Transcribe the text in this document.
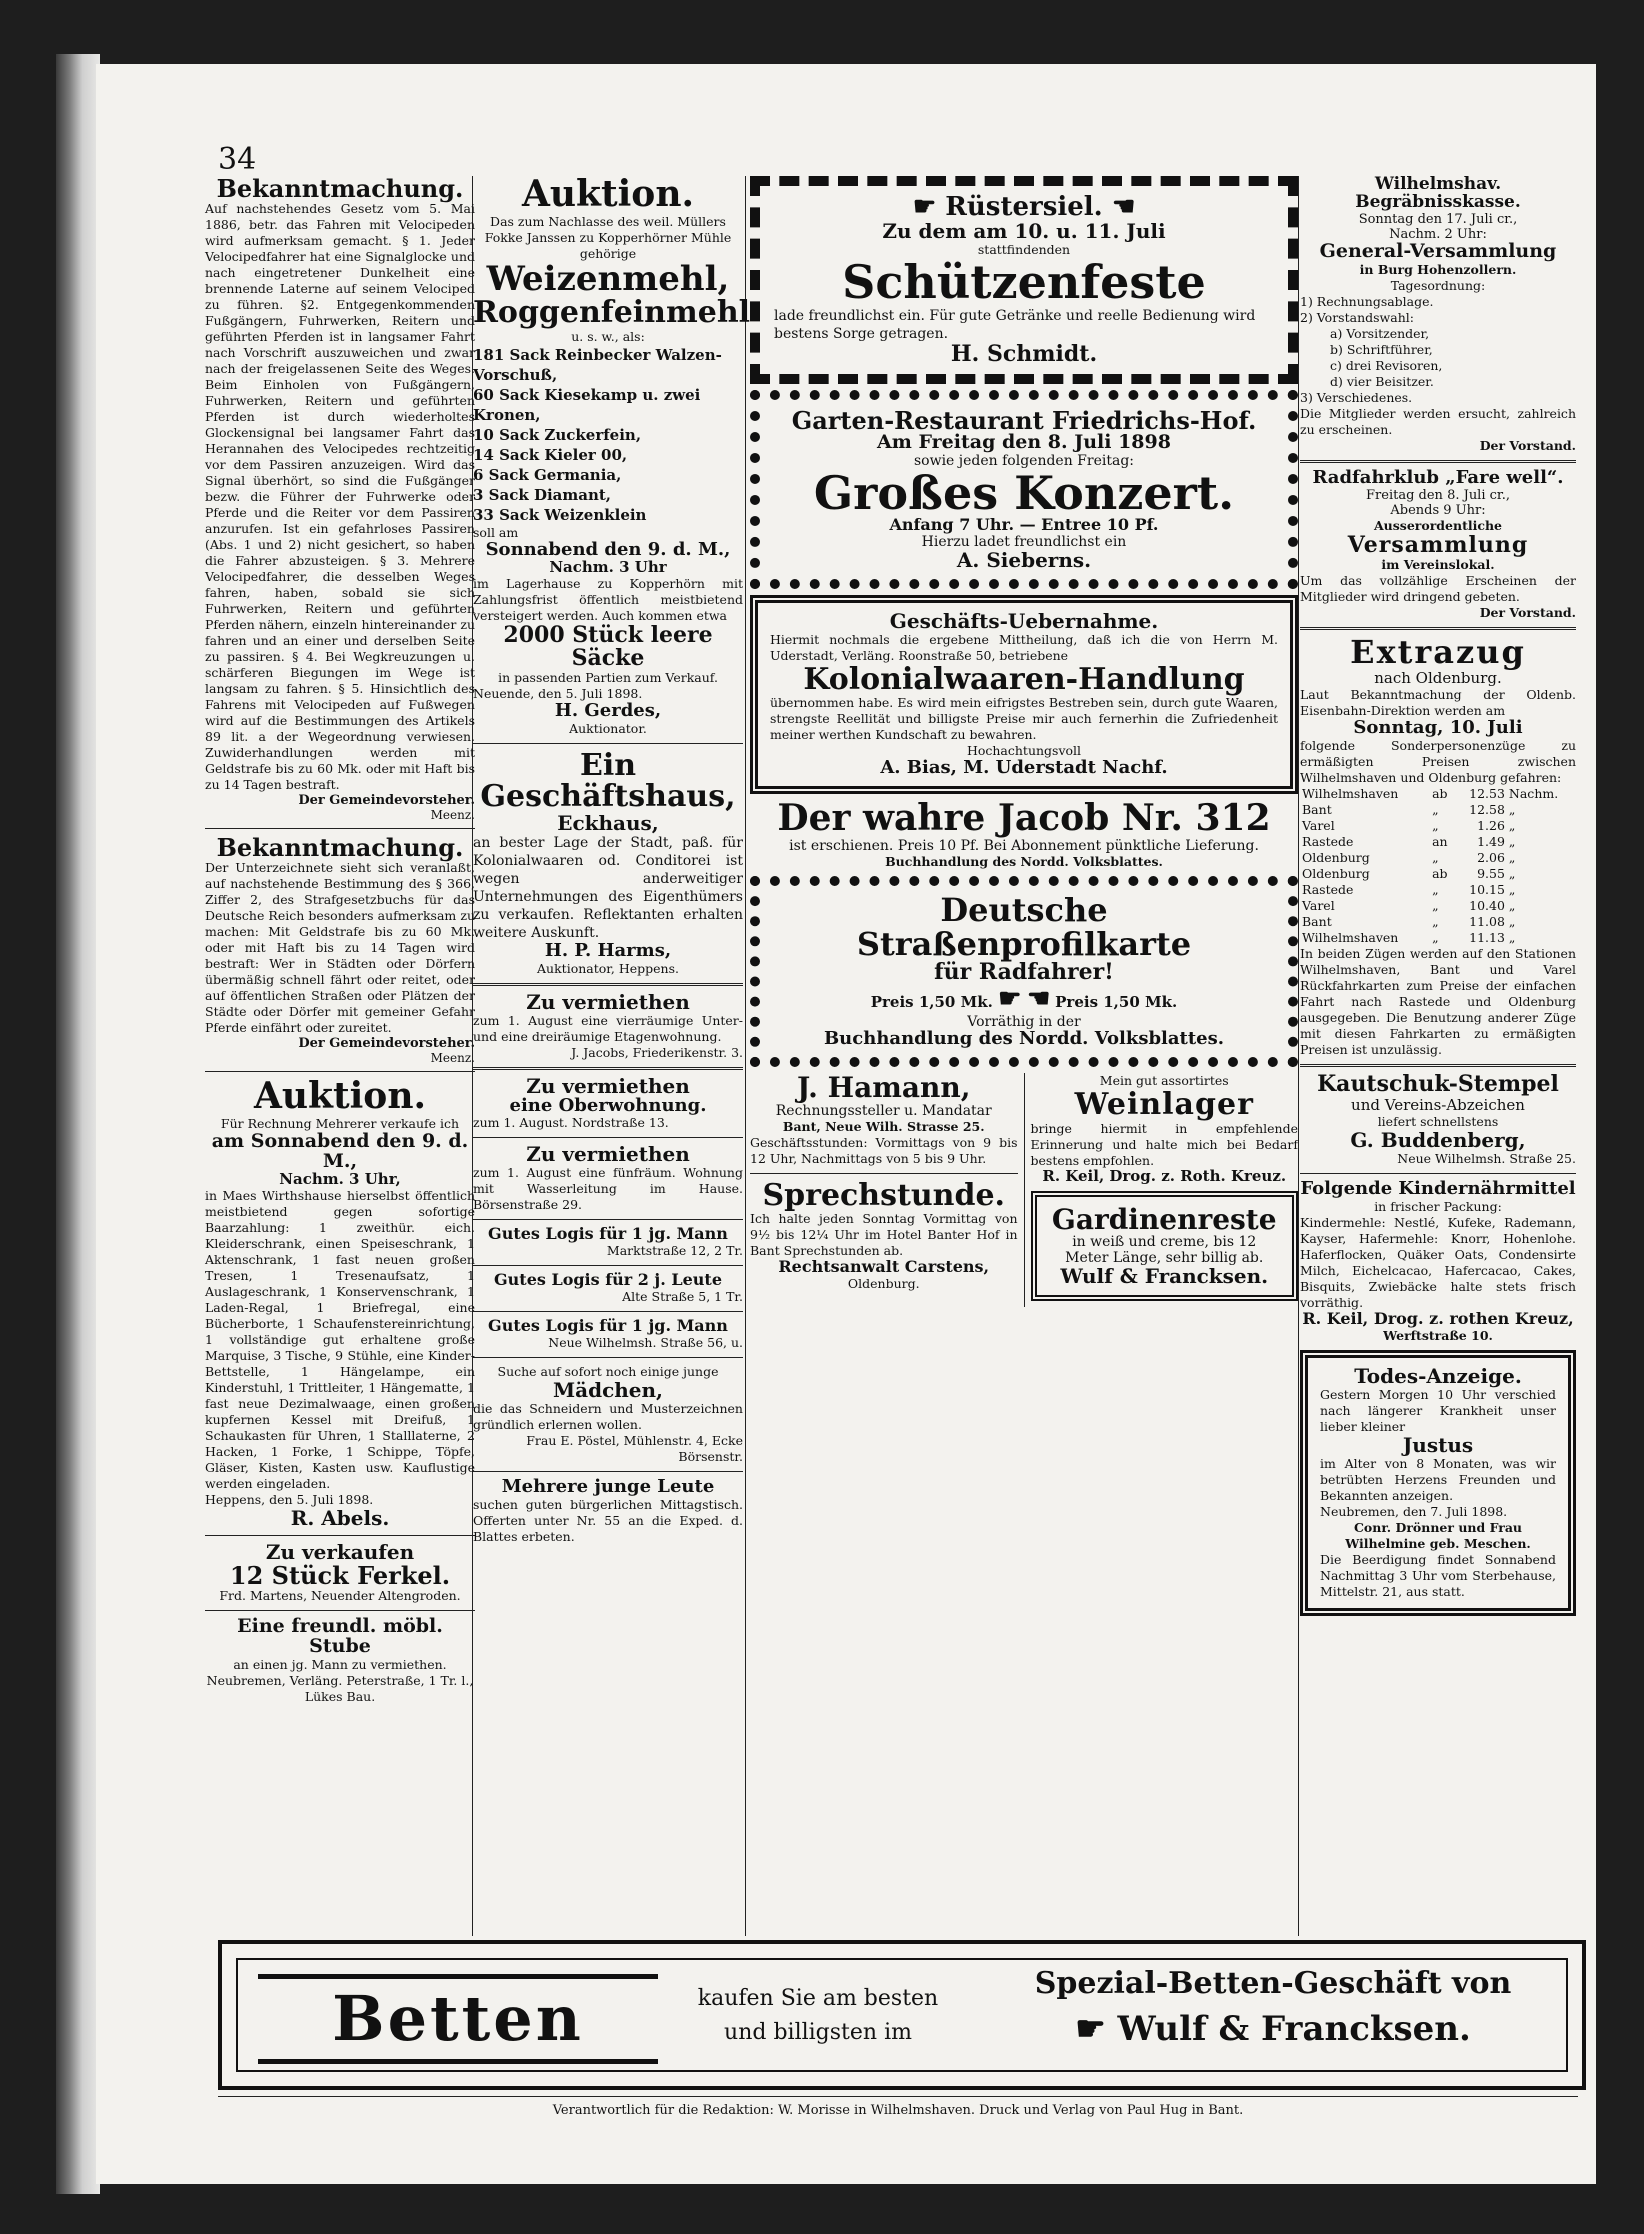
34
Bekanntmachung.
Auf nachstehendes Gesetz vom 5. Mai 1886, betr. das Fahren mit Velocipeden wird aufmerksam gemacht. § 1. Jeder Velocipedfahrer hat eine Signalglocke und nach eingetretener Dunkelheit eine brennende Laterne auf seinem Velociped zu führen. §2. Entgegenkommenden Fußgängern, Fuhrwerken, Reitern und geführten Pferden ist in langsamer Fahrt nach Vorschrift auszuweichen und zwar nach der freigelassenen Seite des Weges. Beim Einholen von Fußgängern, Fuhrwerken, Reitern und geführten Pferden ist durch wiederholtes Glockensignal bei langsamer Fahrt das Herannahen des Velocipedes rechtzeitig vor dem Passiren anzuzeigen. Wird das Signal überhört, so sind die Fußgänger bezw. die Führer der Fuhrwerke oder Pferde und die Reiter vor dem Passiren anzurufen. Ist ein gefahrloses Passiren (Abs. 1 und 2) nicht gesichert, so haben die Fahrer abzusteigen. § 3. Mehrere Velocipedfahrer, die desselben Weges fahren, haben, sobald sie sich Fuhrwerken, Reitern und geführten Pferden nähern, einzeln hintereinander zu fahren und an einer und derselben Seite zu passiren. § 4. Bei Wegkreuzungen u. schärferen Biegungen im Wege ist langsam zu fahren. § 5. Hinsichtlich des Fahrens mit Velocipeden auf Fußwegen wird auf die Bestimmungen des Artikels 89 lit. a der Wegeordnung verwiesen. Zuwiderhandlungen werden mit Geldstrafe bis zu 60 Mk. oder mit Haft bis zu 14 Tagen bestraft.
Der Gemeindevorsteher.
Meenz.
Bekanntmachung.
Der Unterzeichnete sieht sich veranlaßt, auf nachstehende Bestimmung des § 366, Ziffer 2, des Strafgesetzbuchs für das Deutsche Reich besonders aufmerksam zu machen: Mit Geldstrafe bis zu 60 Mk. oder mit Haft bis zu 14 Tagen wird bestraft: Wer in Städten oder Dörfern übermäßig schnell fährt oder reitet, oder auf öffentlichen Straßen oder Plätzen der Städte oder Dörfer mit gemeiner Gefahr Pferde einfährt oder zureitet.
Der Gemeindevorsteher.
Meenz.
Auktion.
Für Rechnung Mehrerer verkaufe ich
am Sonnabend den 9. d. M.,
Nachm. 3 Uhr,
in Maes Wirthshause hierselbst öffentlich meistbietend gegen sofortige Baarzahlung: 1 zweithür. eich. Kleiderschrank, einen Speiseschrank, 1 Aktenschrank, 1 fast neuen großen Tresen, 1 Tresenaufsatz, 1 Auslageschrank, 1 Konservenschrank, 1 Laden-Regal, 1 Briefregal, eine Bücherborte, 1 Schaufenstereinrichtung, 1 vollständige gut erhaltene große Marquise, 3 Tische, 9 Stühle, eine Kinder-Bettstelle, 1 Hängelampe, ein Kinderstuhl, 1 Trittleiter, 1 Hängematte, 1 fast neue Dezimalwaage, einen großen kupfernen Kessel mit Dreifuß, 1 Schaukasten für Uhren, 1 Stalllaterne, 2 Hacken, 1 Forke, 1 Schippe, Töpfe, Gläser, Kisten, Kasten usw. Kauflustige werden eingeladen.
Heppens, den 5. Juli 1898.
R. Abels.
Zu verkaufen
12 Stück Ferkel.
Frd. Martens, Neuender Altengroden.
Eine freundl. möbl. Stube
an einen jg. Mann zu vermiethen. Neubremen, Verläng. Peterstraße, 1 Tr. l., Lükes Bau.
Auktion.
Das zum Nachlasse des weil. Müllers Fokke Janssen zu Kopperhörner Mühle gehörige
Weizenmehl,
Roggenfeinmehl
u. s. w., als:
181 Sack Reinbecker Walzen-Vorschuß,
60 Sack Kiesekamp u. zwei Kronen,
10 Sack Zuckerfein,
14 Sack Kieler 00,
6 Sack Germania,
3 Sack Diamant,
33 Sack Weizenklein
soll am
Sonnabend den 9. d. M.,
Nachm. 3 Uhr
im Lagerhause zu Kopperhörn mit Zahlungsfrist öffentlich meistbietend versteigert werden. Auch kommen etwa
2000 Stück leere Säcke
in passenden Partien zum Verkauf.
Neuende, den 5. Juli 1898.
H. Gerdes,
Auktionator.
Ein Geschäftshaus,
Eckhaus,
an bester Lage der Stadt, paß. für Kolonialwaaren od. Conditorei ist wegen anderweitiger Unternehmungen des Eigenthümers zu verkaufen. Reflektanten erhalten weitere Auskunft.
H. P. Harms,
Auktionator, Heppens.
Zu vermiethen
zum 1. August eine vierräumige Unter- und eine dreiräumige Etagenwohnung.
J. Jacobs, Friederikenstr. 3.
Zu vermiethen
eine Oberwohnung.
zum 1. August. Nordstraße 13.
Zu vermiethen
zum 1. August eine fünfräum. Wohnung mit Wasserleitung im Hause. Börsenstraße 29.
Gutes Logis für 1 jg. Mann
Marktstraße 12, 2 Tr.
Gutes Logis für 2 j. Leute
Alte Straße 5, 1 Tr.
Gutes Logis für 1 jg. Mann
Neue Wilhelmsh. Straße 56, u.
Suche auf sofort noch einige junge
Mädchen,
die das Schneidern und Musterzeichnen gründlich erlernen wollen.
Frau E. Pöstel, Mühlenstr. 4, Ecke Börsenstr.
Mehrere junge Leute
suchen guten bürgerlichen Mittagstisch. Offerten unter Nr. 55 an die Exped. d. Blattes erbeten.
☛ Rüstersiel. ☛
Zu dem am 10. u. 11. Juli
stattfindenden
Schützenfeste
lade freundlichst ein. Für gute Getränke und reelle Bedienung wird bestens Sorge getragen.
H. Schmidt.
Garten-Restaurant Friedrichs-Hof.
Am Freitag den 8. Juli 1898
sowie jeden folgenden Freitag:
Großes Konzert.
Anfang 7 Uhr. — Entree 10 Pf.
Hierzu ladet freundlichst ein
A. Sieberns.
Geschäfts-Uebernahme.
Hiermit nochmals die ergebene Mittheilung, daß ich die von Herrn M. Uderstadt, Verläng. Roonstraße 50, betriebene
Kolonialwaaren-Handlung
übernommen habe. Es wird mein eifrigstes Bestreben sein, durch gute Waaren, strengste Reellität und billigste Preise mir auch fernerhin die Zufriedenheit meiner werthen Kundschaft zu bewahren.
Hochachtungsvoll
A. Bias, M. Uderstadt Nachf.
Der wahre Jacob Nr. 312
ist erschienen. Preis 10 Pf. Bei Abonnement pünktliche Lieferung.
Buchhandlung des Nordd. Volksblattes.
Deutsche Straßenprofilkarte
für Radfahrer!
Preis 1,50 Mk. ☛ ☛ Preis 1,50 Mk.
Vorräthig in der
Buchhandlung des Nordd. Volksblattes.
J. Hamann,
Rechnungssteller u. Mandatar
Bant, Neue Wilh. Strasse 25.
Geschäftsstunden: Vormittags von 9 bis 12 Uhr, Nachmittags von 5 bis 9 Uhr.
Sprechstunde.
Ich halte jeden Sonntag Vormittag von 9½ bis 12¼ Uhr im Hotel Banter Hof in Bant Sprechstunden ab.
Rechtsanwalt Carstens,
Oldenburg.
Mein gut assortirtes
Weinlager
bringe hiermit in empfehlende Erinnerung und halte mich bei Bedarf bestens empfohlen.
R. Keil, Drog. z. Roth. Kreuz.
Gardinenreste
in weiß und creme, bis 12 Meter Länge, sehr billig ab.
Wulf & Francksen.
Wilhelmshav. Begräbnisskasse.
Sonntag den 17. Juli cr.,
Nachm. 2 Uhr:
General-Versammlung
in Burg Hohenzollern.
Tagesordnung:
1) Rechnungsablage.
2) Vorstandswahl:
a) Vorsitzender,
b) Schriftführer,
c) drei Revisoren,
d) vier Beisitzer.
3) Verschiedenes.
Die Mitglieder werden ersucht, zahlreich zu erscheinen.
Der Vorstand.
Radfahrklub „Fare well“.
Freitag den 8. Juli cr.,
Abends 9 Uhr:
Ausserordentliche
Versammlung
im Vereinslokal.
Um das vollzählige Erscheinen der Mitglieder wird dringend gebeten.
Der Vorstand.
Extrazug
nach Oldenburg.
Laut Bekanntmachung der Oldenb. Eisenbahn-Direktion werden am
Sonntag, 10. Juli
folgende Sonderpersonenzüge zu ermäßigten Preisen zwischen Wilhelmshaven und Oldenburg gefahren:
Wilhelmshaven	ab	12.53	Nachm.
Bant	„	12.58	„
Varel	„	1.26	„
Rastede	an	1.49	„
Oldenburg	„	2.06	„
Oldenburg	ab	9.55	„
Rastede	„	10.15	„
Varel	„	10.40	„
Bant	„	11.08	„
Wilhelmshaven	„	11.13	„
In beiden Zügen werden auf den Stationen Wilhelmshaven, Bant und Varel Rückfahrkarten zum Preise der einfachen Fahrt nach Rastede und Oldenburg ausgegeben. Die Benutzung anderer Züge mit diesen Fahrkarten zu ermäßigten Preisen ist unzulässig.
Kautschuk-Stempel
und Vereins-Abzeichen
liefert schnellstens
G. Buddenberg,
Neue Wilhelmsh. Straße 25.
Folgende Kindernährmittel
in frischer Packung:
Kindermehle: Nestlé, Kufeke, Rademann, Kayser, Hafermehle: Knorr, Hohenlohe. Haferflocken, Quäker Oats, Condensirte Milch, Eichelcacao, Hafercacao, Cakes, Bisquits, Zwiebäcke halte stets frisch vorräthig.
R. Keil, Drog. z. rothen Kreuz,
Werftstraße 10.
Todes-Anzeige.
Gestern Morgen 10 Uhr verschied nach längerer Krankheit unser lieber kleiner
Justus
im Alter von 8 Monaten, was wir betrübten Herzens Freunden und Bekannten anzeigen.
Neubremen, den 7. Juli 1898.
Conr. Drönner und Frau Wilhelmine geb. Meschen.
Die Beerdigung findet Sonnabend Nachmittag 3 Uhr vom Sterbehause, Mittelstr. 21, aus statt.
Betten	kaufen Sie am besten
und billigsten im
Spezial-Betten-Geschäft von
☛ Wulf & Francksen.
Verantwortlich für die Redaktion: W. Morisse in Wilhelmshaven. Druck und Verlag von Paul Hug in Bant.
